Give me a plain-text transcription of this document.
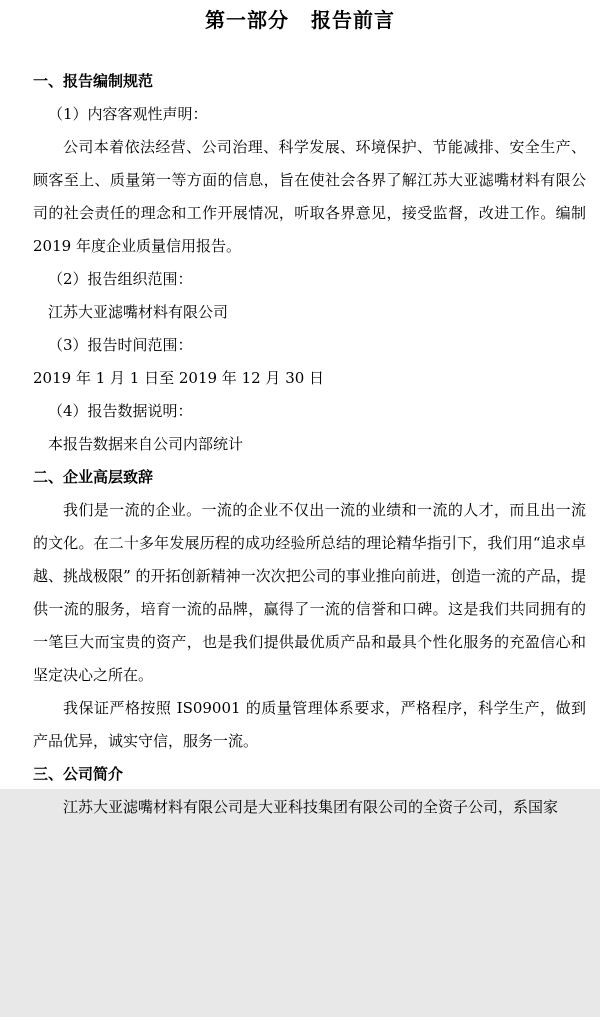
第一部分 报告前言
一、报告编制规范
（1）内容客观性声明：

公司本着依法经营、公司治理、科学发展、环境保护、节能减排、安全生产、顾客至上、质量第一等方面的信息，旨在使社会各界了解江苏大亚滤嘴材料有限公司的社会责任的理念和工作开展情况，听取各界意见，接受监督，改进工作。编制 2019 年度企业质量信用报告。

（2）报告组织范围：
江苏大亚滤嘴材料有限公司
（3）报告时间范围：
2019 年 1 月 1 日至 2019 年 12 月 30 日
（4）报告数据说明：
本报告数据来自公司内部统计
二、企业高层致辞

我们是一流的企业。一流的企业不仅出一流的业绩和一流的人才，而且出一流的文化。在二十多年发展历程的成功经验所总结的理论精华指引下，我们用“追求卓越、挑战极限” 的开拓创新精神一次次把公司的事业推向前进，创造一流的产品，提供一流的服务，培育一流的品牌，赢得了一流的信誉和口碑。这是我们共同拥有的一笔巨大而宝贵的资产，也是我们提供最优质产品和最具个性化服务的充盈信心和坚定决心之所在。

我保证严格按照 IS09001 的质量管理体系要求，严格程序，科学生产，做到产品优异，诚实守信，服务一流。

三、公司简介
江苏大亚滤嘴材料有限公司是大亚科技集团有限公司的全资子公司，系国家
